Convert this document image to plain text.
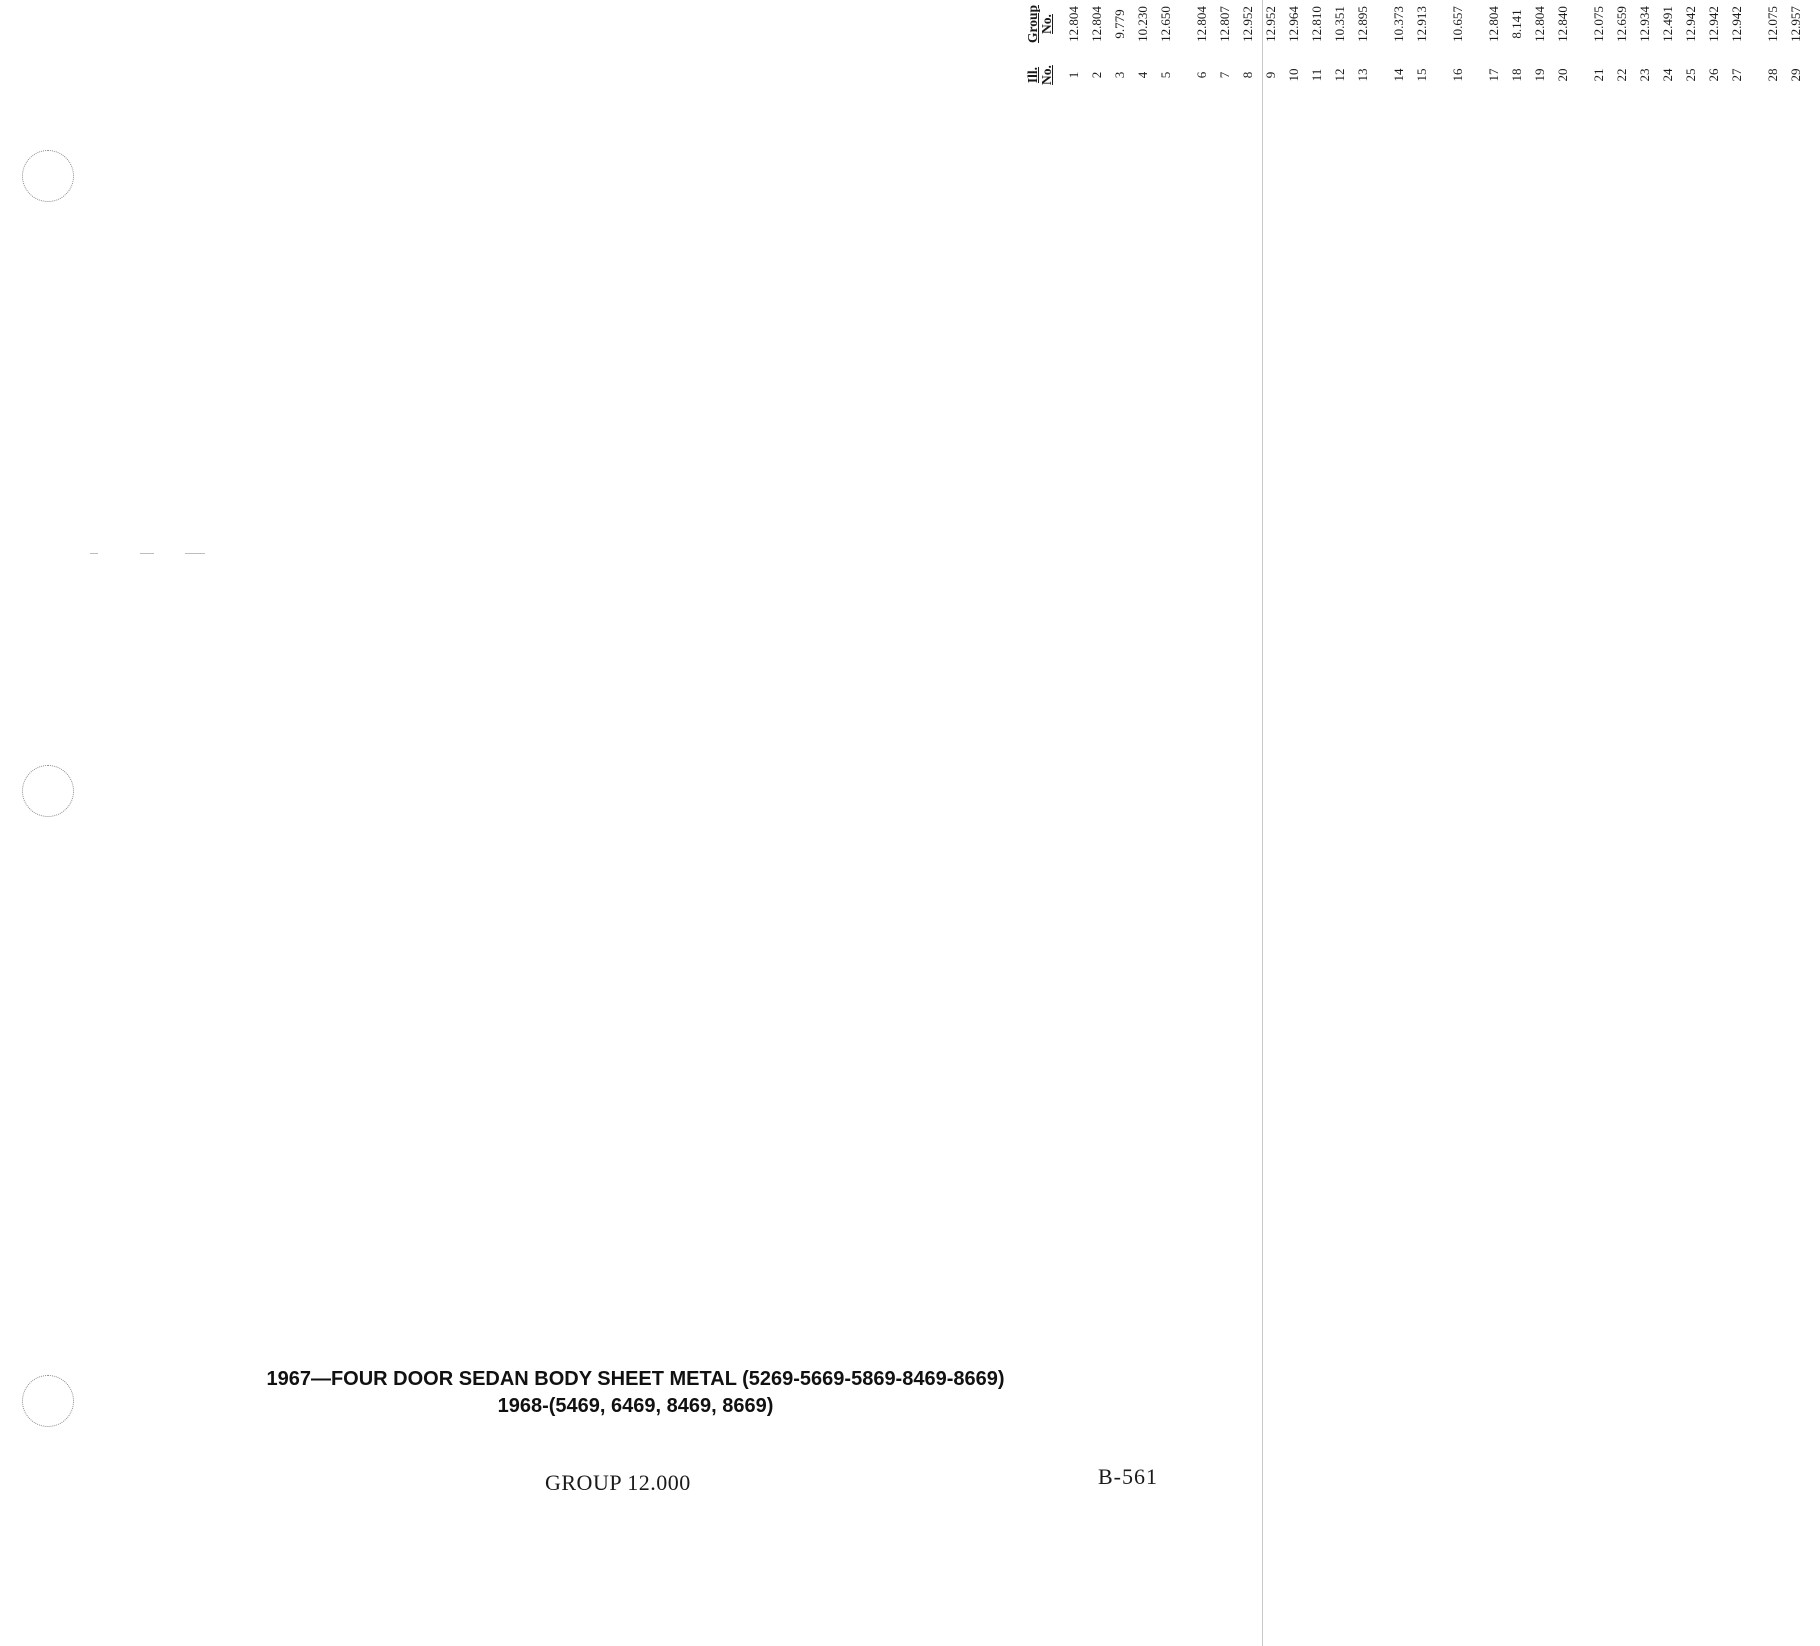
Ill.
No.
Group
No.
1
12.804
2
12.804
3
9.779
4
10.230
5
12.650
6
12.804
7
12.807
8
12.952
9
12.952
10
12.964
11
12.810
12
10.351
13
12.895
14
10.373
15
12.913
16
10.657
17
12.804
18
8.141
19
12.804
20
12.840
21
12.075
22
12.659
23
12.934
24
12.491
25
12.942
26
12.942
27
12.942
28
12.075
29
12.957
1967—FOUR DOOR SEDAN BODY SHEET METAL (5269-5669-5869-8469-8669)
1968-(5469, 6469, 8469, 8669)
GROUP 12.000	B-561
